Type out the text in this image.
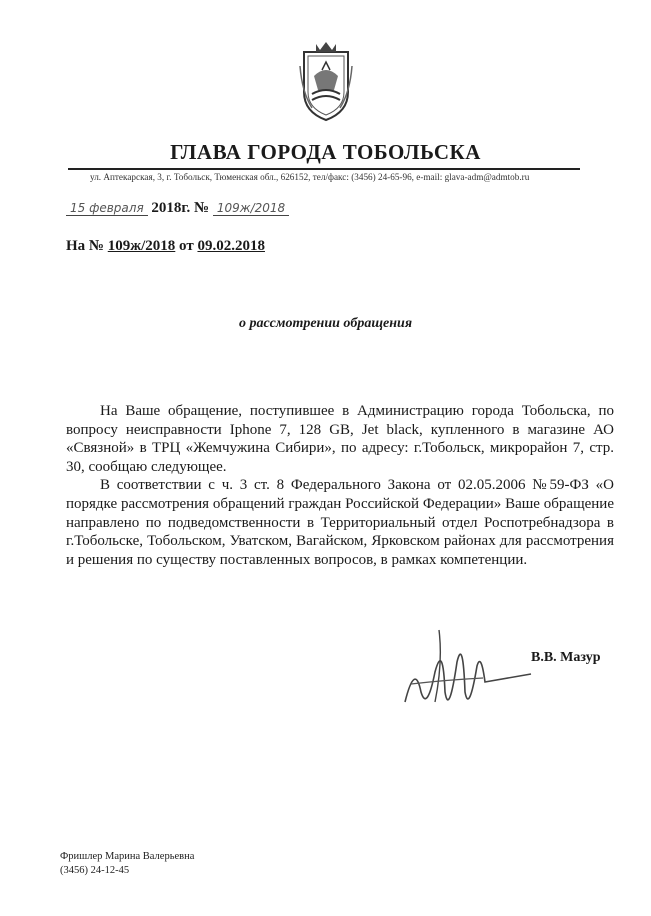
ГЛАВА ГОРОДА ТОБОЛЬСКА
ул. Аптекарская, 3, г. Тобольск, Тюменская обл., 626152, тел/факс: (3456) 24-65-96, e-mail: glava-adm@admtob.ru
15 февраля 2018г. № 109ж/2018
На № 109ж/2018 от 09.02.2018
о рассмотрении обращения

На Ваше обращение, поступившее в Администрацию города Тобольска, по вопросу неисправности Iphone 7, 128 GB, Jet black, купленного в магазине АО «Связной» в ТРЦ «Жемчужина Сибири», по адресу: г.Тобольск, микрорайон 7, стр. 30, сообщаю следующее.

В соответствии с ч. 3 ст. 8 Федерального Закона от 02.05.2006 №59-ФЗ «О порядке рассмотрения обращений граждан Российской Федерации» Ваше обращение направлено по подведомственности в Территориальный отдел Роспотребнадзора в г.Тобольске, Тобольском, Уватском, Вагайском, Ярковском районах для рассмотрения и решения по существу поставленных вопросов, в рамках компетенции.

В.В. Мазур
Фришлер Марина Валерьевна
(3456) 24-12-45
